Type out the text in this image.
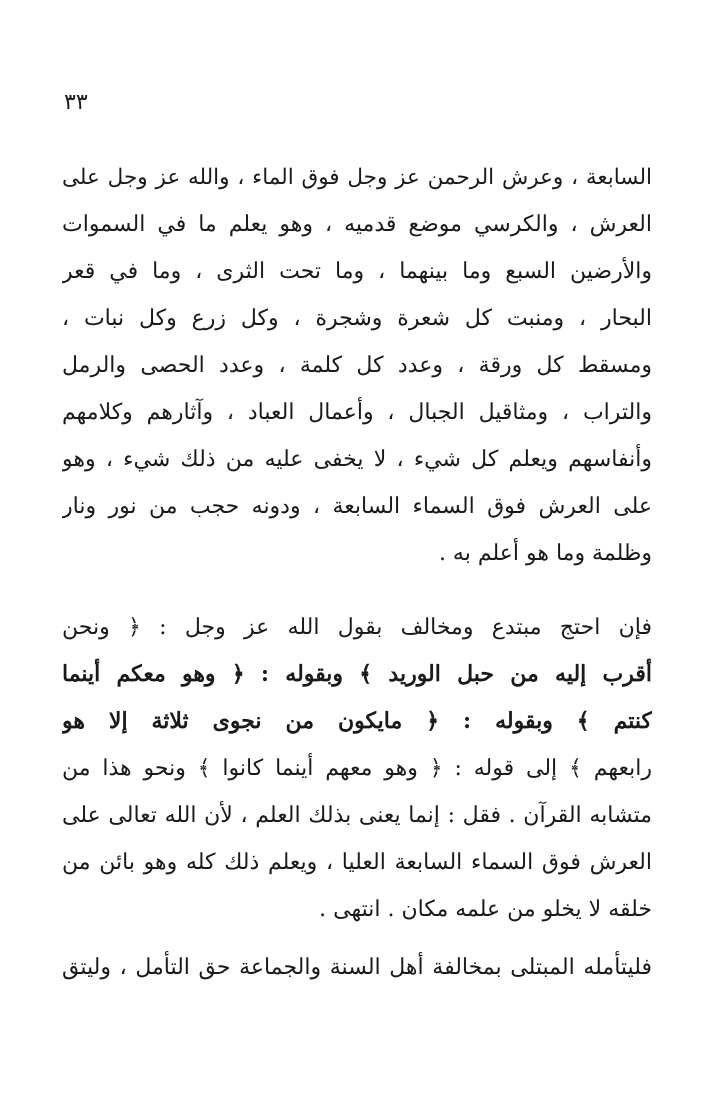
٣٣
السابعة ، وعرش الرحمن عز وجل فوق الماء ، والله عز وجل على
العرش ، والكرسي موضع قدميه ، وهو يعلم ما في السموات
والأرضين السبع وما بينهما ، وما تحت الثرى ، وما في قعر
البحار ، ومنبت كل شعرة وشجرة ، وكل زرع وكل نبات ،
ومسقط كل ورقة ، وعدد كل كلمة ، وعدد الحصى والرمل
والتراب ، ومثاقيل الجبال ، وأعمال العباد ، وآثارهم وكلامهم
وأنفاسهم ويعلم كل شيء ، لا يخفى عليه من ذلك شيء ، وهو
على العرش فوق السماء السابعة ، ودونه حجب من نور ونار
وظلمة وما هو أعلم به .
فإن احتج مبتدع ومخالف بقول الله عز وجل : ﴿ ونحن
أقرب إليه من حبل الوريد ﴾ وبقوله : ﴿ وهو معكم أينما
كنتم ﴾ وبقوله : ﴿ مايكون من نجوى ثلاثة إلا هو
رابعهم ﴾ إلى قوله : ﴿ وهو معهم أينما كانوا ﴾ ونحو هذا من
متشابه القرآن . فقل : إنما يعنى بذلك العلم ، لأن الله تعالى على
العرش فوق السماء السابعة العليا ، ويعلم ذلك كله وهو بائن من
خلقه لا يخلو من علمه مكان . انتهى .
فليتأمله المبتلى بمخالفة أهل السنة والجماعة حق التأمل ، وليتق
